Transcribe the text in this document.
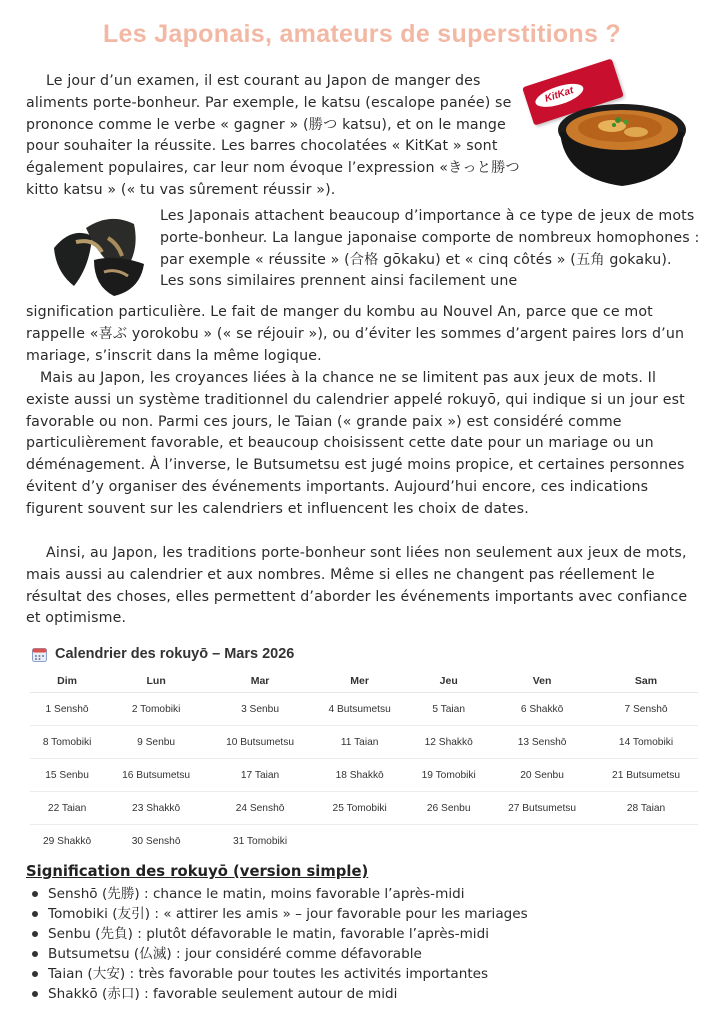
Les Japonais, amateurs de superstitions ?

Le jour d’un examen, il est courant au Japon de manger des aliments porte-bonheur. Par exemple, le katsu (escalope panée) se prononce comme le verbe « gagner » (勝つ katsu), et on le mange pour souhaiter la réussite. Les barres chocolatées « KitKat » sont également populaires, car leur nom évoque l’expression «きっと勝つ　kitto katsu » (« tu vas sûrement réussir »).

KitKat

Les Japonais attachent beaucoup d’importance à ce type de jeux de mots porte-bonheur. La langue japonaise comporte de nombreux homophones : par exemple « réussite » (合格 gōkaku) et « cinq côtés » (五角 gokaku). Les sons similaires prennent ainsi facilement une

signification particulière. Le fait de manger du kombu au Nouvel An, parce que ce mot rappelle «喜ぶ yorokobu » (« se réjouir »), ou d’éviter les sommes d’argent paires lors d’un mariage, s’inscrit dans la même logique.

Mais au Japon, les croyances liées à la chance ne se limitent pas aux jeux de mots. Il existe aussi un système traditionnel du calendrier appelé rokuyō, qui indique si un jour est favorable ou non. Parmi ces jours, le Taian (« grande paix ») est considéré comme particulièrement favorable, et beaucoup choisissent cette date pour un mariage ou un déménagement. À l’inverse, le Butsumetsu est jugé moins propice, et certaines personnes évitent d’y organiser des événements importants. Aujourd’hui encore, ces indications figurent souvent sur les calendriers et influencent les choix de dates.

Ainsi, au Japon, les traditions porte-bonheur sont liées non seulement aux jeux de mots, mais aussi au calendrier et aux nombres. Même si elles ne changent pas réellement le résultat des choses, elles permettent d’aborder les événements importants avec confiance et optimisme.

Calendrier des rokuyō – Mars 2026
Dim	Lun	Mar	Mer	Jeu	Ven	Sam
1 Senshō	2 Tomobiki	3 Senbu	4 Butsumetsu	5 Taian	6 Shakkō	7 Senshō
8 Tomobiki	9 Senbu	10 Butsumetsu	11 Taian	12 Shakkō	13 Senshō	14 Tomobiki
15 Senbu	16 Butsumetsu	17 Taian	18 Shakkō	19 Tomobiki	20 Senbu	21 Butsumetsu
22 Taian	23 Shakkō	24 Senshō	25 Tomobiki	26 Senbu	27 Butsumetsu	28 Taian
29 Shakkō	30 Senshō	31 Tomobiki				
Signification des rokuyō (version simple)
Senshō (先勝) : chance le matin, moins favorable l’après-midi
Tomobiki (友引) : « attirer les amis » – jour favorable pour les mariages
Senbu (先負) : plutôt défavorable le matin, favorable l’après-midi
Butsumetsu (仏滅) : jour considéré comme défavorable
Taian (大安) : très favorable pour toutes les activités importantes
Shakkō (赤口) : favorable seulement autour de midi
